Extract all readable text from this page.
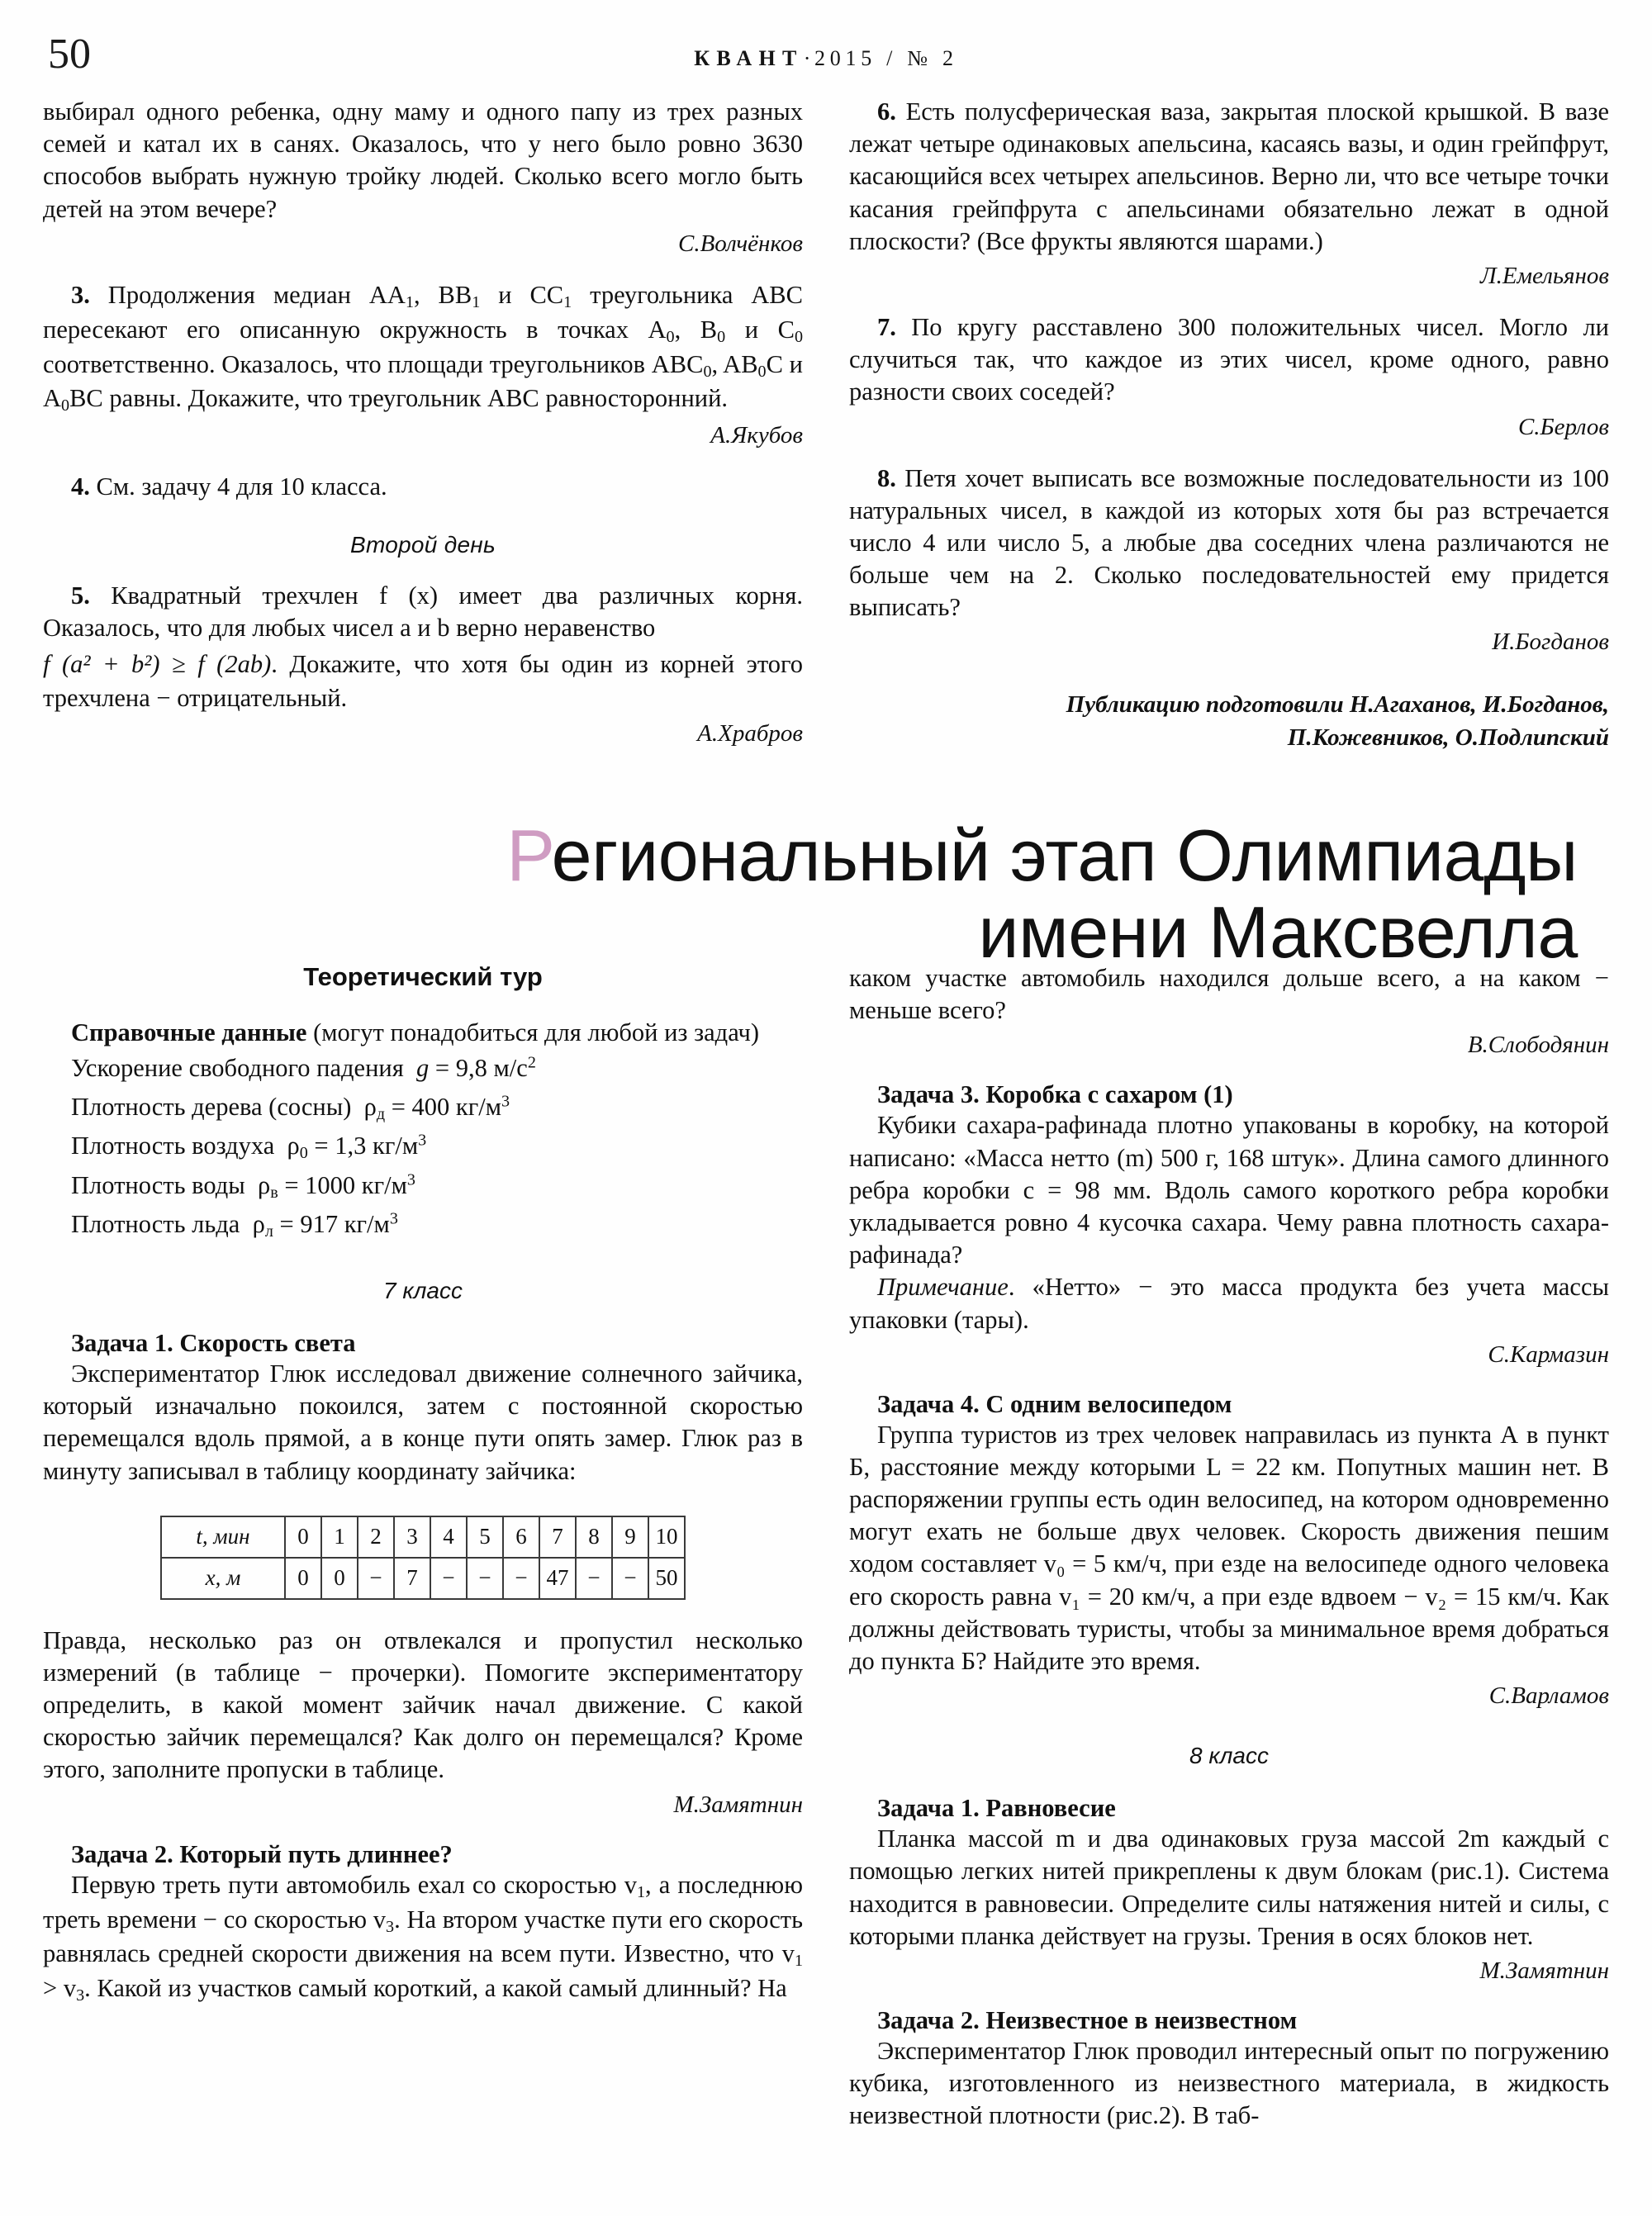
50	КВАНТ·2015 / № 2

выбирал одного ребенка, одну маму и одного папу из трех разных семей и катал их в санях. Оказалось, что у него было ровно 3630 способов выбрать нужную тройку людей. Сколько всего могло быть детей на этом вечере?

С.Волчёнков

3. Продолжения медиан $AA_1$, $BB_1$ и $CC_1$ треугольника ABC пересекают его описанную окружность в точках $A_0$, $B_0$ и $C_0$ соответственно. Оказалось, что площади треугольников $ABC_0$, $AB_0C$ и $A_0BC$ равны. Докажите, что треугольник ABC равносторонний.

А.Якубов

4. См. задачу 4 для 10 класса.

Второй день

5. Квадратный трехчлен f (x) имеет два различных корня. Оказалось, что для любых чисел a и b верно неравенство

f (a² + b²) ≥ f (2ab). Докажите, что хотя бы один из корней этого трехчлена − отрицательный.

А.Храбров

6. Есть полусферическая ваза, закрытая плоской крышкой. В вазе лежат четыре одинаковых апельсина, касаясь вазы, и один грейпфрут, касающийся всех четырех апельсинов. Верно ли, что все четыре точки касания грейпфрута с апельсинами обязательно лежат в одной плоскости? (Все фрукты являются шарами.)

Л.Емельянов

7. По кругу расставлено 300 положительных чисел. Могло ли случиться так, что каждое из этих чисел, кроме одного, равно разности своих соседей?

С.Берлов

8. Петя хочет выписать все возможные последовательности из 100 натуральных чисел, в каждой из которых хотя бы раз встречается число 4 или число 5, а любые два соседних члена различаются не больше чем на 2. Сколько последовательностей ему придется выписать?

И.Богданов

Публикацию подготовили Н.Агаханов, И.Богданов,
П.Кожевников, О.Подлипский
Региональный этап Олимпиады
имени Максвелла
Теоретический тур

Справочные данные (могут понадобиться для любой из задач)

Ускорение свободного падения g = 9,8 $м/с^2$

Плотность дерева (сосны) $\rho_д = 400$ $кг/м^3$

Плотность воздуха $\rho_0 = 1,3$ $кг/м^3$

Плотность воды $\rho_в = 1000$ $кг/м^3$

Плотность льда $\rho_л = 917$ $кг/м^3$

7 класс
Задача 1. Скорость света

Экспериментатор Глюк исследовал движение солнечного зайчика, который изначально покоился, затем с постоянной скоростью перемещался вдоль прямой, а в конце пути опять замер. Глюк раз в минуту записывал в таблицу координату зайчика:

t, мин	0	1	2	3	4	5	6	7	8	9	10
x, м	0	0	−	7	−	−	−	47	−	−	50

Правда, несколько раз он отвлекался и пропустил несколько измерений (в таблице − прочерки). Помогите экспериментатору определить, в какой момент зайчик начал движение. С какой скоростью зайчик перемещался? Как долго он перемещался? Кроме этого, заполните пропуски в таблице.

М.Замятнин

Задача 2. Который путь длиннее?

Первую треть пути автомобиль ехал со скоростью $v_1$, а последнюю треть времени − со скоростью $v_3$. На втором участке пути его скорость равнялась средней скорости движения на всем пути. Известно, что $v_1 > v_3$. Какой из участков самый короткий, а какой самый длинный? На

каком участке автомобиль находился дольше всего, а на каком − меньше всего?

В.Слободянин

Задача 3. Коробка с сахаром (1)

Кубики сахара-рафинада плотно упакованы в коробку, на которой написано: «Масса нетто (m) 500 г, 168 штук». Длина самого длинного ребра коробки c = 98 мм. Вдоль самого короткого ребра коробки укладывается ровно 4 кусочка сахара. Чему равна плотность сахара-рафинада?

Примечание. «Нетто» − это масса продукта без учета массы упаковки (тары).

С.Кармазин

Задача 4. С одним велосипедом

Группа туристов из трех человек направилась из пункта А в пункт Б, расстояние между которыми L = 22 км. Попутных машин нет. В распоряжении группы есть один велосипед, на котором одновременно могут ехать не больше двух человек. Скорость движения пешим ходом составляет v₀ = 5 км/ч, при езде на велосипеде одного человека его скорость равна v₁ = 20 км/ч, а при езде вдвоем − v₂ = 15 км/ч. Как должны действовать туристы, чтобы за минимальное время добраться до пункта Б? Найдите это время.

С.Варламов

8 класс
Задача 1. Равновесие

Планка массой m и два одинаковых груза массой 2m каждый с помощью легких нитей прикреплены к двум блокам (рис.1). Система находится в равновесии. Определите силы натяжения нитей и силы, с которыми планка действует на грузы. Трения в осях блоков нет.

М.Замятнин

Задача 2. Неизвестное в неизвестном

Экспериментатор Глюк проводил интересный опыт по погружению кубика, изготовленного из неизвестного материала, в жидкость неизвестной плотности (рис.2). В таб-
